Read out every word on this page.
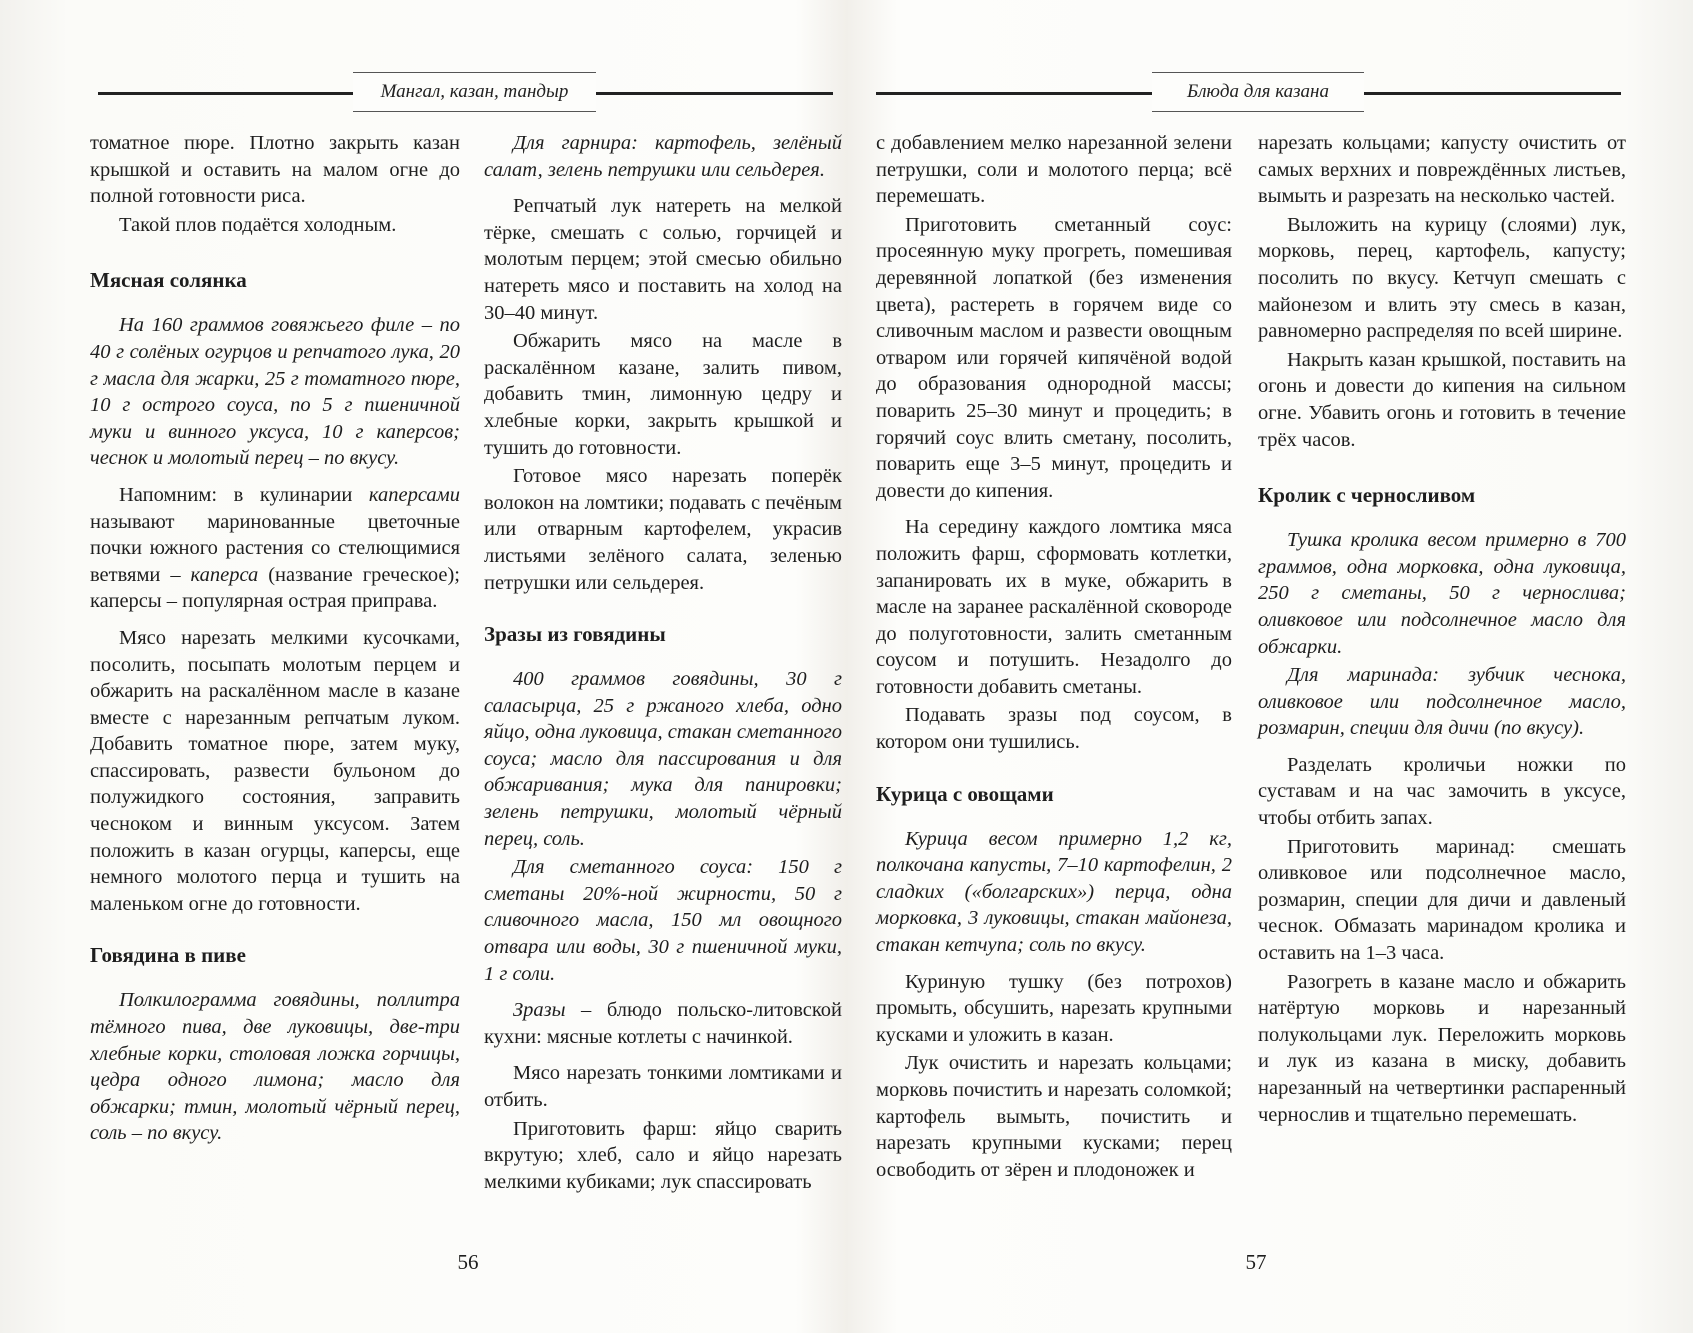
Мангал, казан, тандыр

томатное пюре. Плотно закрыть казан крышкой и оставить на малом огне до полной готовности риса.

Такой плов подаётся холодным.

Мясная солянка

На 160 граммов говяжьего филе – по 40 г солёных огурцов и репчатого лука, 20 г масла для жарки, 25 г томатного пюре, 10 г острого соуса, по 5 г пшеничной муки и винного уксуса, 10 г каперсов; чеснок и молотый перец – по вкусу.

Напомним: в кулинарии каперсами называют маринованные цветочные почки южного растения со стелющимися ветвями – каперса (название греческое); каперсы – популярная острая приправа.

Мясо нарезать мелкими кусочками, посолить, посыпать молотым перцем и обжарить на раскалённом масле в казане вместе с нарезанным репчатым луком. Добавить томатное пюре, затем муку, спассировать, развести бульоном до полужидкого состояния, заправить чесноком и винным уксусом. Затем положить в казан огурцы, каперсы, еще немного молотого перца и тушить на маленьком огне до готовности.

Говядина в пиве

Полкилограмма говядины, поллитра тёмного пива, две луковицы, две-три хлебные корки, столовая ложка горчицы, цедра одного лимона; масло для обжарки; тмин, молотый чёрный перец, соль – по вкусу.

Для гарнира: картофель, зелёный салат, зелень петрушки или сельдерея.

Репчатый лук натереть на мелкой тёрке, смешать с солью, горчицей и молотым перцем; этой смесью обильно натереть мясо и поставить на холод на 30–40 минут.

Обжарить мясо на масле в раскалённом казане, залить пивом, добавить тмин, лимонную цедру и хлебные корки, закрыть крышкой и тушить до готовности.

Готовое мясо нарезать поперёк волокон на ломтики; подавать с печёным или отварным картофелем, украсив листьями зелёного салата, зеленью петрушки или сельдерея.

Зразы из говядины

400 граммов говядины, 30 г саласырца, 25 г ржаного хлеба, одно яйцо, одна луковица, стакан сметанного соуса; масло для пассирования и для обжаривания; мука для панировки; зелень петрушки, молотый чёрный перец, соль.

Для сметанного соуса: 150 г сметаны 20%-ной жирности, 50 г сливочного масла, 150 мл овощного отвара или воды, 30 г пшеничной муки, 1 г соли.

Зразы – блюдо польско-литовской кухни: мясные котлеты с начинкой.

Мясо нарезать тонкими ломтиками и отбить.

Приготовить фарш: яйцо сварить вкрутую; хлеб, сало и яйцо нарезать мелкими кубиками; лук спассировать

56
Блюда для казана

с добавлением мелко нарезанной зелени петрушки, соли и молотого перца; всё перемешать.

Приготовить сметанный соус: просеянную муку прогреть, помешивая деревянной лопаткой (без изменения цвета), растереть в горячем виде со сливочным маслом и развести овощным отваром или горячей кипячёной водой до образования однородной массы; поварить 25–30 минут и процедить; в горячий соус влить сметану, посолить, поварить еще 3–5 минут, процедить и довести до кипения.

На середину каждого ломтика мяса положить фарш, сформовать котлетки, запанировать их в муке, обжарить в масле на заранее раскалённой сковороде до полуготовности, залить сметанным соусом и потушить. Незадолго до готовности добавить сметаны.

Подавать зразы под соусом, в котором они тушились.

Курица с овощами

Курица весом примерно 1,2 кг, полкочана капусты, 7–10 картофелин, 2 сладких («болгарских») перца, одна морковка, 3 луковицы, стакан майонеза, стакан кетчупа; соль по вкусу.

Куриную тушку (без потрохов) промыть, обсушить, нарезать крупными кусками и уложить в казан.

Лук очистить и нарезать кольцами; морковь почистить и нарезать соломкой; картофель вымыть, почистить и нарезать крупными кусками; перец освободить от зёрен и плодоножек и

нарезать кольцами; капусту очистить от самых верхних и повреждённых листьев, вымыть и разрезать на несколько частей.

Выложить на курицу (слоями) лук, морковь, перец, картофель, капусту; посолить по вкусу. Кетчуп смешать с майонезом и влить эту смесь в казан, равномерно распределяя по всей ширине.

Накрыть казан крышкой, поставить на огонь и довести до кипения на сильном огне. Убавить огонь и готовить в течение трёх часов.

Кролик с черносливом

Тушка кролика весом примерно в 700 граммов, одна морковка, одна луковица, 250 г сметаны, 50 г чернослива; оливковое или подсолнечное масло для обжарки.

Для маринада: зубчик чеснока, оливковое или подсолнечное масло, розмарин, специи для дичи (по вкусу).

Разделать кроличьи ножки по суставам и на час замочить в уксусе, чтобы отбить запах.

Приготовить маринад: смешать оливковое или подсолнечное масло, розмарин, специи для дичи и давленый чеснок. Обмазать маринадом кролика и оставить на 1–3 часа.

Разогреть в казане масло и обжарить натёртую морковь и нарезанный полукольцами лук. Переложить морковь и лук из казана в миску, добавить нарезанный на четвертинки распаренный чернослив и тщательно перемешать.

57
